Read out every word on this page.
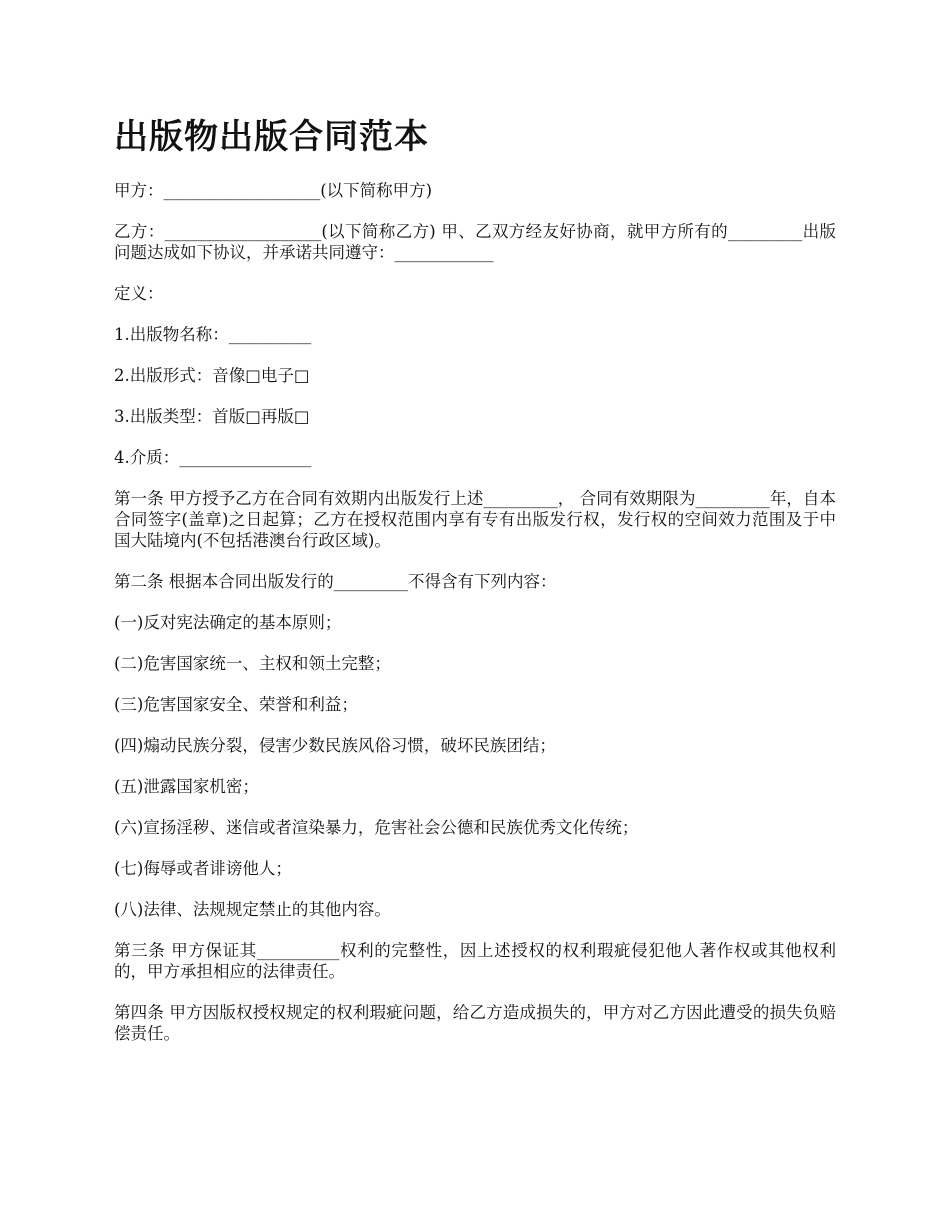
出版物出版合同范本

甲方：___________________(以下简称甲方)

乙方：___________________(以下简称乙方) 甲、乙双方经友好协商，就甲方所有的_________出版问题达成如下协议，并承诺共同遵守：____________

定义：

1.出版物名称：__________

2.出版形式：音像□电子□

3.出版类型：首版□再版□

4.介质：________________

第一条 甲方授予乙方在合同有效期内出版发行上述_________， 合同有效期限为_________年，自本合同签字(盖章)之日起算；乙方在授权范围内享有专有出版发行权，发行权的空间效力范围及于中国大陆境内(不包括港澳台行政区域)。

第二条 根据本合同出版发行的_________不得含有下列内容：

(一)反对宪法确定的基本原则；

(二)危害国家统一、主权和领土完整；

(三)危害国家安全、荣誉和利益；

(四)煽动民族分裂，侵害少数民族风俗习惯，破坏民族团结；

(五)泄露国家机密；

(六)宣扬淫秽、迷信或者渲染暴力，危害社会公德和民族优秀文化传统；

(七)侮辱或者诽谤他人；

(八)法律、法规规定禁止的其他内容。

第三条 甲方保证其__________权利的完整性，因上述授权的权利瑕疵侵犯他人著作权或其他权利的，甲方承担相应的法律责任。

第四条 甲方因版权授权规定的权利瑕疵问题，给乙方造成损失的，甲方对乙方因此遭受的损失负赔偿责任。
